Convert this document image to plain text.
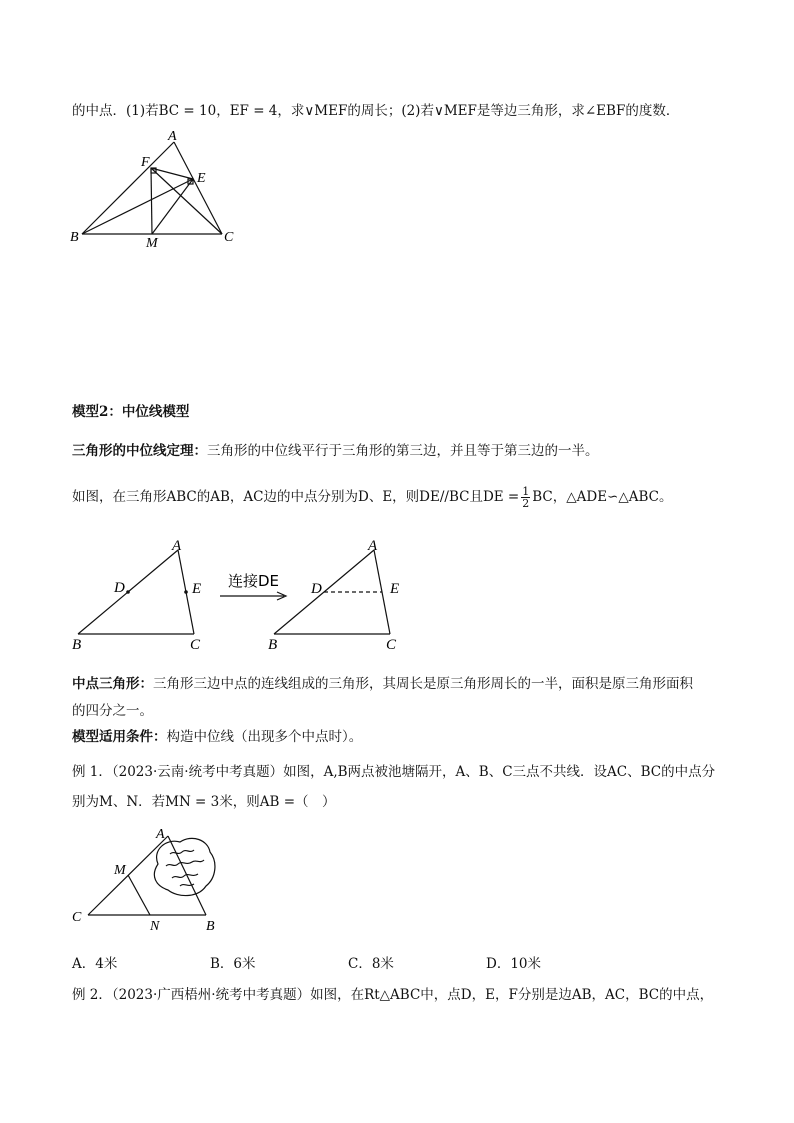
的中点．(1)若BC = 10，EF = 4，求∨MEF的周长；(2)若∨MEF是等边三角形，求∠EBF的度数．
A
F
E
B	M	C
模型2：中位线模型
三角形的中位线定理：三角形的中位线平行于三角形的第三边，并且等于第三边的一半。
如图，在三角形ABC的AB，AC边的中点分别为D、E，则DE//BC且DE = $\frac{1}{2}$ BC，△ADE∽△ABC。
A
D	E
B	C
连接DE
A
D	E
B	C
中点三角形：三角形三边中点的连线组成的三角形，其周长是原三角形周长的一半，面积是原三角形面积
的四分之一。
模型适用条件：构造中位线（出现多个中点时）。
例 1．（2023·云南·统考中考真题）如图，A,B两点被池塘隔开，A、B、C三点不共线．设AC、BC的中点分
别为M、N．若MN = 3米，则AB =（　）
A
M
C
N	B
A．4米	B．6米	C．8米	D．10米
例 2．（2023·广西梧州·统考中考真题）如图，在Rt△ABC中，点D，E，F分别是边AB，AC，BC的中点，
